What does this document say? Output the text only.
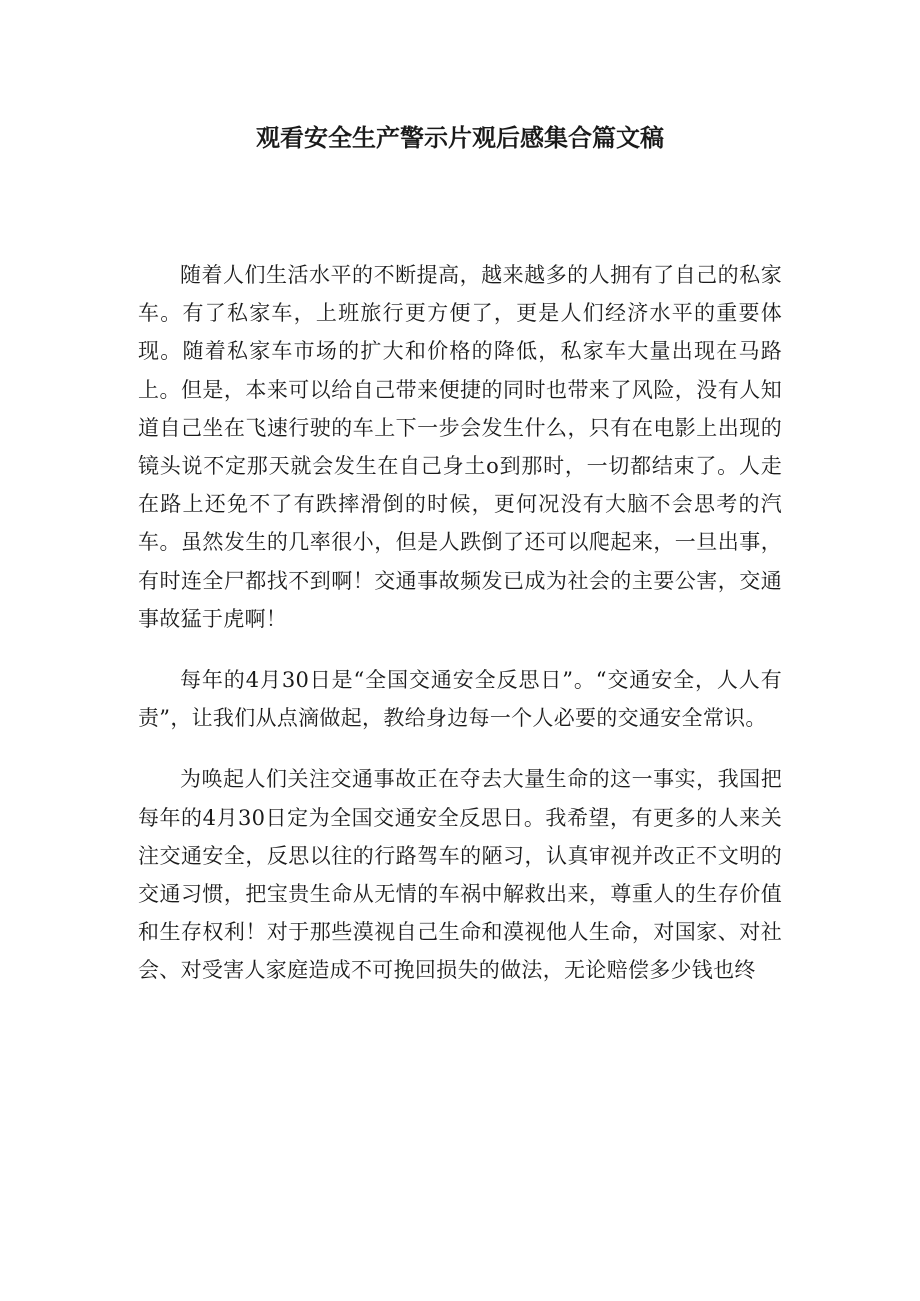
观看安全生产警示片观后感集合篇文稿

随着人们生活水平的不断提高，越来越多的人拥有了自己的私家车。有了私家车，上班旅行更方便了，更是人们经济水平的重要体现。随着私家车市场的扩大和价格的降低，私家车大量出现在马路上。但是，本来可以给自己带来便捷的同时也带来了风险，没有人知道自己坐在飞速行驶的车上下一步会发生什么，只有在电影上出现的镜头说不定那天就会发生在自己身土o到那时，一切都结束了。人走在路上还免不了有跌摔滑倒的时候，更何况没有大脑不会思考的汽车。虽然发生的几率很小，但是人跌倒了还可以爬起来，一旦出事，有时连全尸都找不到啊！交通事故频发已成为社会的主要公害，交通事故猛于虎啊！

每年的4月30日是“全国交通安全反思日”。“交通安全，人人有责”，让我们从点滴做起，教给身边每一个人必要的交通安全常识。

为唤起人们关注交通事故正在夺去大量生命的这一事实，我国把每年的4月30日定为全国交通安全反思日。我希望，有更多的人来关注交通安全，反思以往的行路驾车的陋习，认真审视并改正不文明的交通习惯，把宝贵生命从无情的车祸中解救出来，尊重人的生存价值和生存权利！对于那些漠视自己生命和漠视他人生命，对国家、对社会、对受害人家庭造成不可挽回损失的做法，无论赔偿多少钱也终
